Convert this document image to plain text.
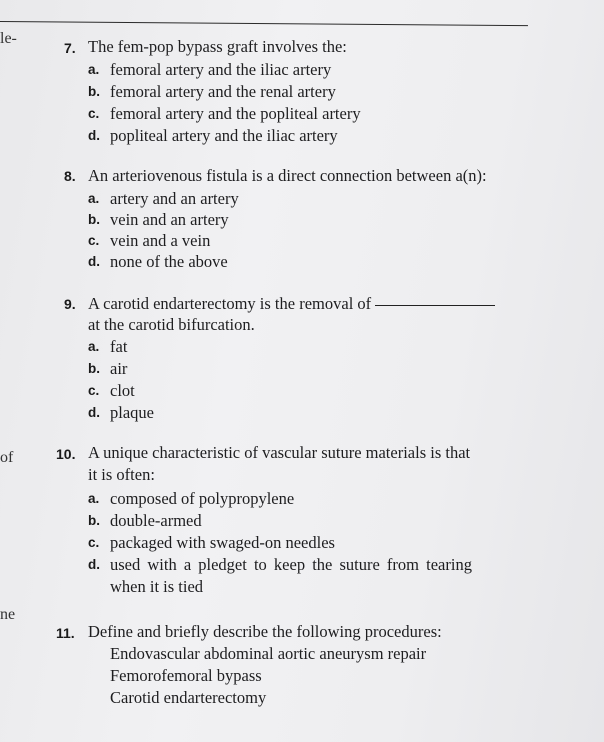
le-
of
ne
7. The fem-pop bypass graft involves the:
a. femoral artery and the iliac artery
b. femoral artery and the renal artery
c. femoral artery and the popliteal artery
d. popliteal artery and the iliac artery
8. An arteriovenous fistula is a direct connection between a(n):
a. artery and an artery
b. vein and an artery
c. vein and a vein
d. none of the above
9. A carotid endarterectomy is the removal of
at the carotid bifurcation.
a. fat
b. air
c. clot
d. plaque
10. A unique characteristic of vascular suture materials is that
it is often:
a. composed of polypropylene
b. double-armed
c. packaged with swaged-on needles
d. used with a pledget to keep the suture from tearing
when it is tied
11. Define and briefly describe the following procedures:
Endovascular abdominal aortic aneurysm repair
Femorofemoral bypass
Carotid endarterectomy
